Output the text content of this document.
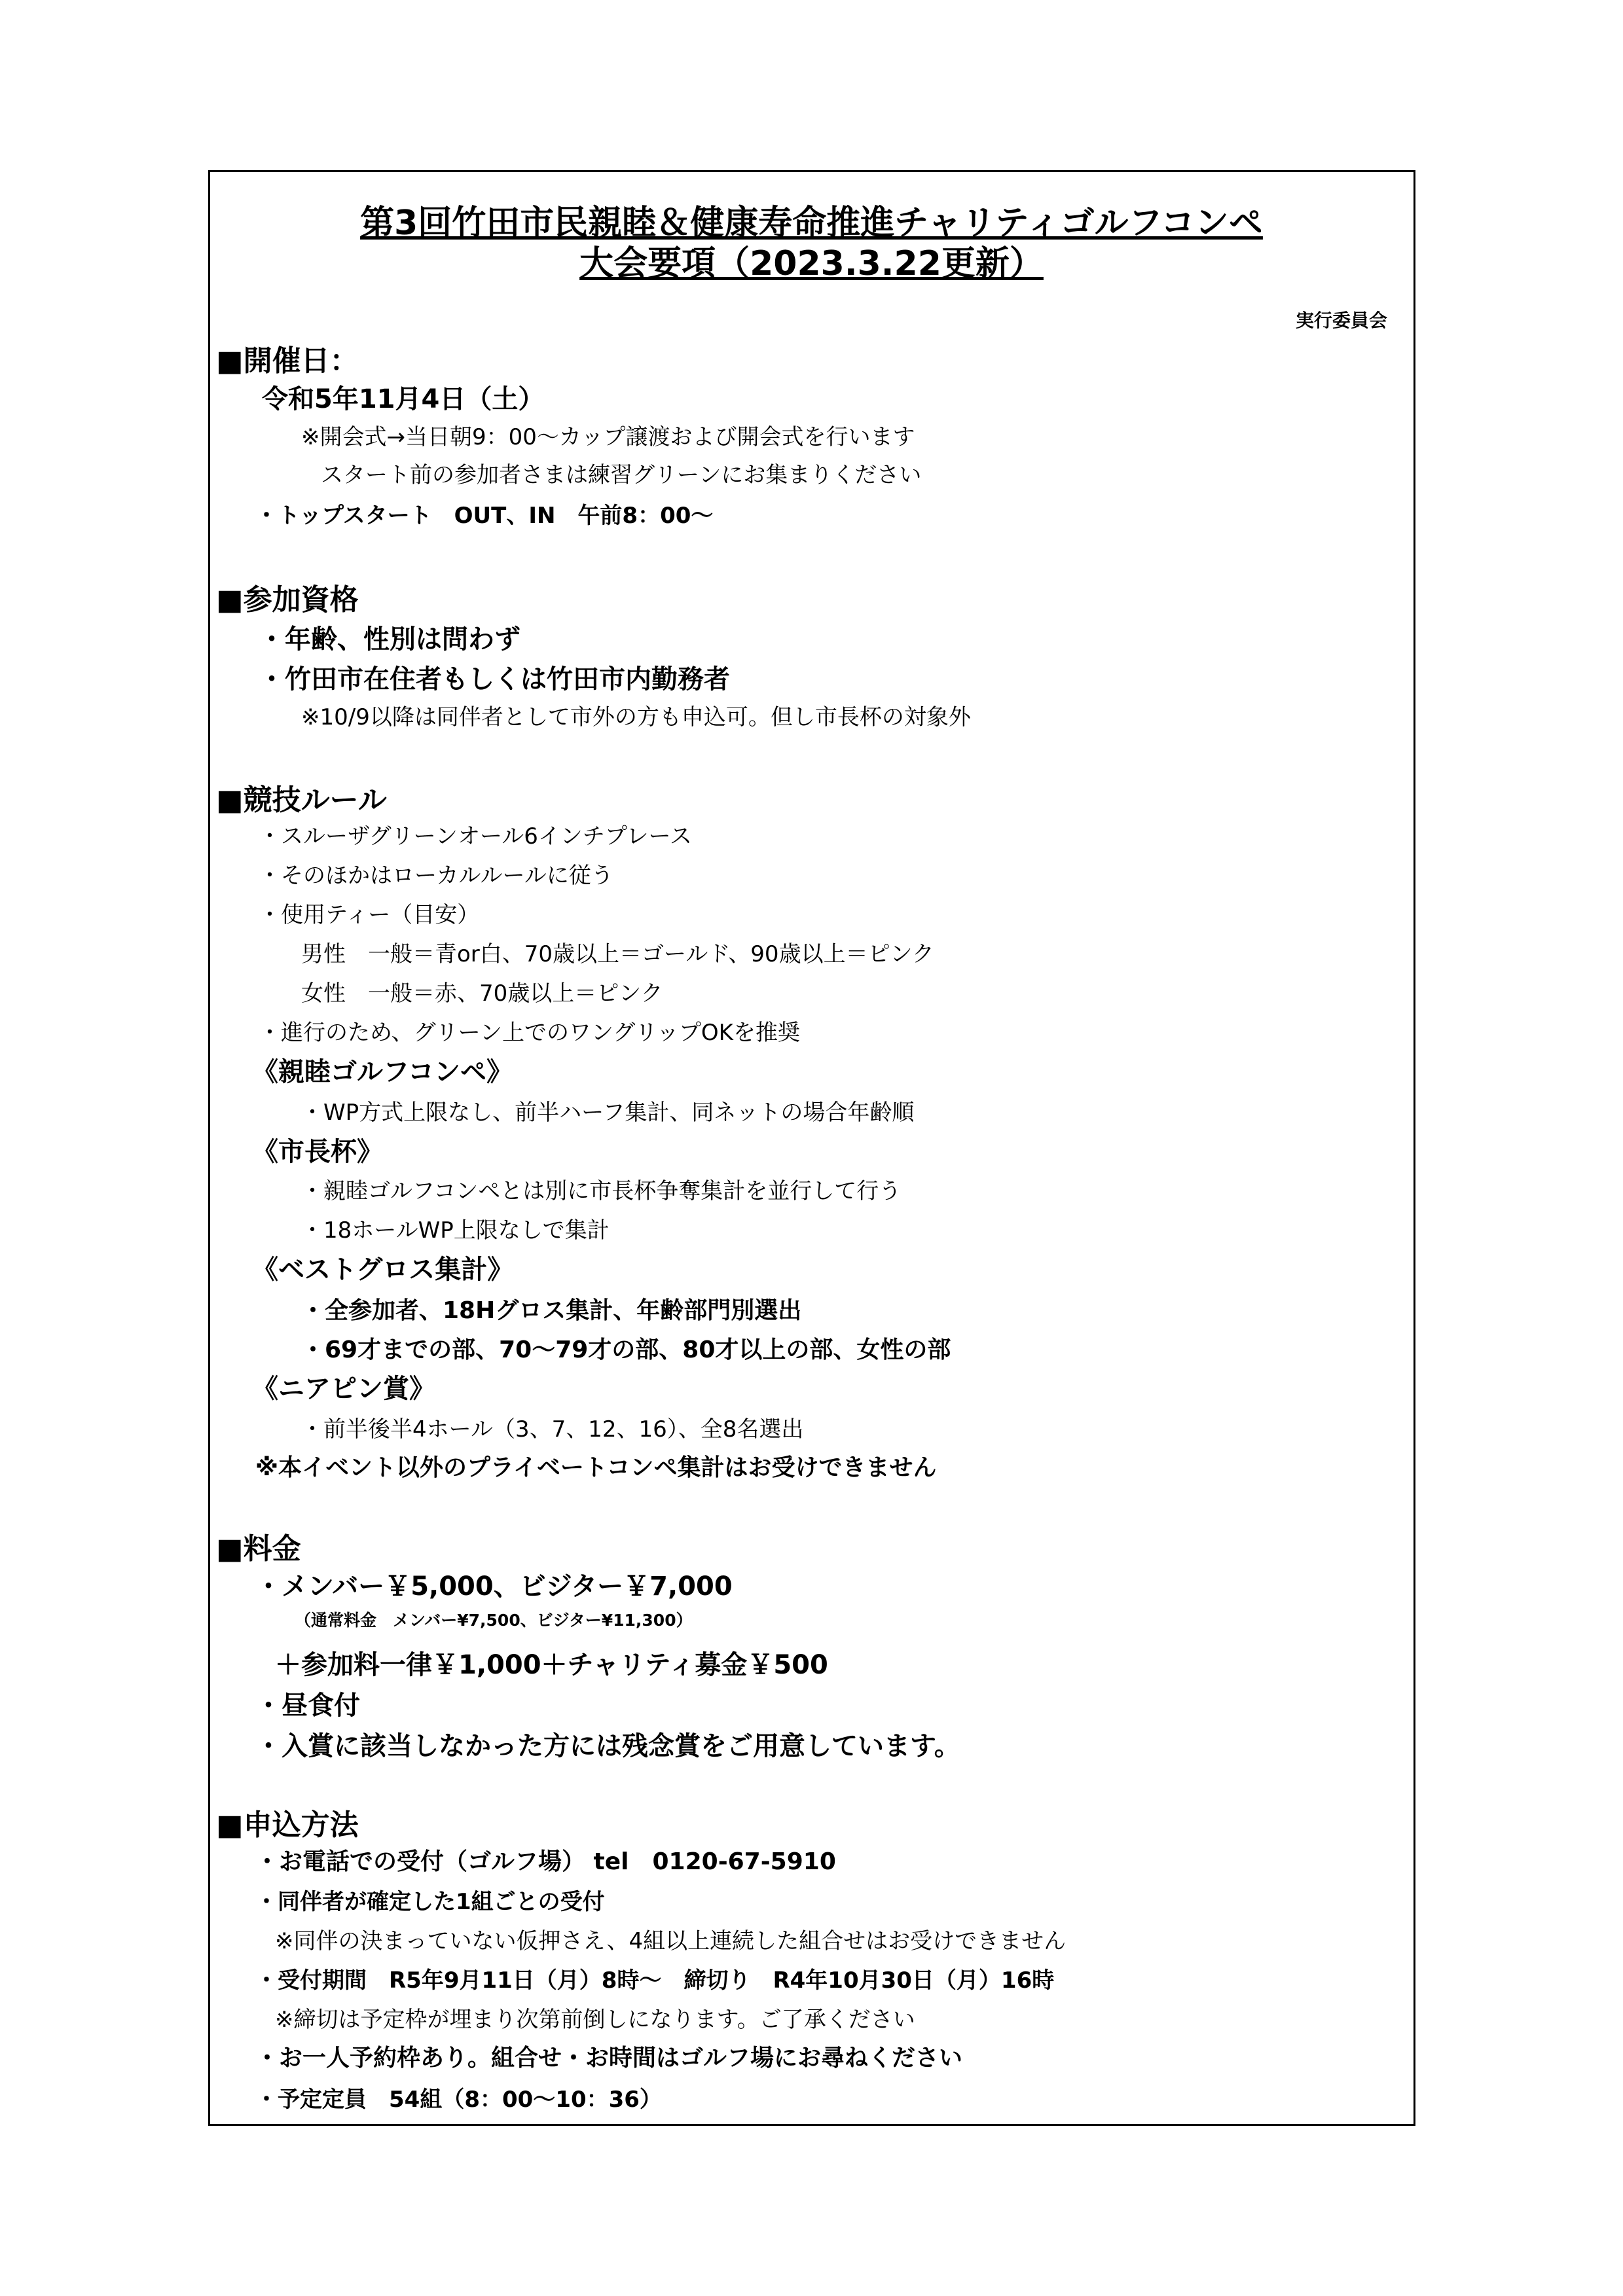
第3回竹田市民親睦＆健康寿命推進チャリティゴルフコンペ
大会要項（2023.3.22更新）
実行委員会
■開催日：
令和5年11月4日（土）
※開会式→当日朝9：00～カップ譲渡および開会式を行います
スタート前の参加者さまは練習グリーンにお集まりください
・トップスタート　OUT、IN　午前8：00～
■参加資格
・年齢、性別は問わず
・竹田市在住者もしくは竹田市内勤務者
※10/9以降は同伴者として市外の方も申込可。但し市長杯の対象外
■競技ルール
・スルーザグリーンオール6インチプレース
・そのほかはローカルルールに従う
・使用ティー（目安）
男性　一般＝青or白、70歳以上＝ゴールド、90歳以上＝ピンク
女性　一般＝赤、70歳以上＝ピンク
・進行のため、グリーン上でのワングリップOKを推奨
《親睦ゴルフコンペ》
・WP方式上限なし、前半ハーフ集計、同ネットの場合年齢順
《市長杯》
・親睦ゴルフコンペとは別に市長杯争奪集計を並行して行う
・18ホールWP上限なしで集計
《ベストグロス集計》
・全参加者、18Hグロス集計、年齢部門別選出
・69才までの部、70～79才の部、80才以上の部、女性の部
《ニアピン賞》
・前半後半4ホール（3、7、12、16）、全8名選出
※本イベント以外のプライベートコンペ集計はお受けできません
■料金
・メンバー￥5,000、ビジター￥7,000
（通常料金　メンバー¥7,500、ビジター¥11,300）
＋参加料一律￥1,000＋チャリティ募金￥500
・昼食付
・入賞に該当しなかった方には残念賞をご用意しています。
■申込方法
・お電話での受付（ゴルフ場） tel　0120-67-5910
・同伴者が確定した1組ごとの受付
※同伴の決まっていない仮押さえ、4組以上連続した組合せはお受けできません
・受付期間　R5年9月11日（月）8時～　締切り　R4年10月30日（月）16時
※締切は予定枠が埋まり次第前倒しになります。ご了承ください
・お一人予約枠あり。組合せ・お時間はゴルフ場にお尋ねください
・予定定員　54組（8：00～10：36）
